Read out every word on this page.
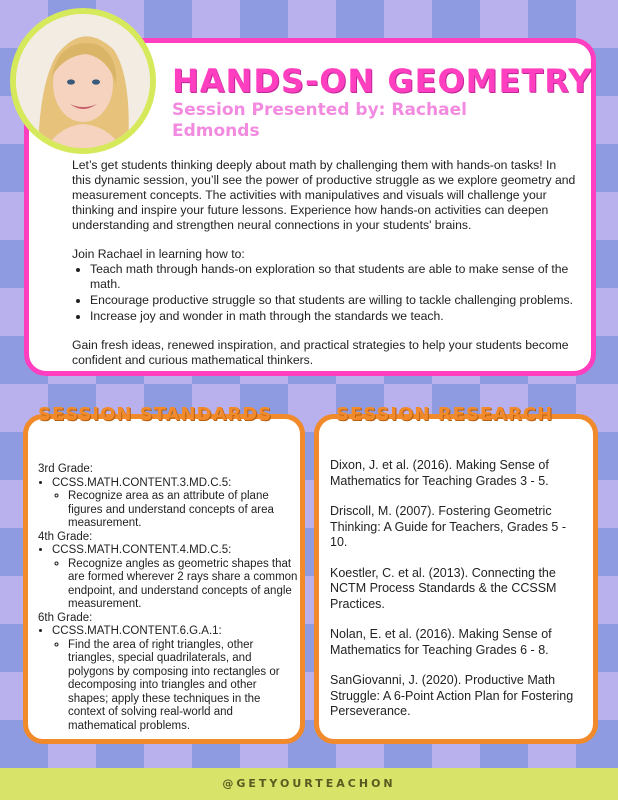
HANDS-ON GEOMETRY
Session Presented by: Rachael Edmonds

Let’s get students thinking deeply about math by challenging them with hands-on tasks! In this dynamic session, you’ll see the power of productive struggle as we explore geometry and measurement concepts. The activities with manipulatives and visuals will challenge your thinking and inspire your future lessons. Experience how hands-on activities can deepen understanding and strengthen neural connections in your students' brains.

Join Rachael in learning how to:
• Teach math through hands-on exploration so that students are able to make sense of the math.
• Encourage productive struggle so that students are willing to tackle challenging problems.
• Increase joy and wonder in math through the standards we teach.

Gain fresh ideas, renewed inspiration, and practical strategies to help your students become confident and curious mathematical thinkers.

SESSION STANDARDS	SESSION RESEARCH
3rd Grade:
• CCSS.MATH.CONTENT.3.MD.C.5:
◦ Recognize area as an attribute of plane figures and understand concepts of area measurement.
4th Grade:
• CCSS.MATH.CONTENT.4.MD.C.5:
◦ Recognize angles as geometric shapes that are formed wherever 2 rays share a common endpoint, and understand concepts of angle measurement.
6th Grade:
• CCSS.MATH.CONTENT.6.G.A.1:
◦ Find the area of right triangles, other triangles, special quadrilaterals, and polygons by composing into rectangles or decomposing into triangles and other shapes; apply these techniques in the context of solving real-world and mathematical problems.

Dixon, J. et al. (2016). Making Sense of Mathematics for Teaching Grades 3 - 5.

Driscoll, M. (2007). Fostering Geometric Thinking: A Guide for Teachers, Grades 5 - 10.

Koestler, C. et al. (2013). Connecting the NCTM Process Standards & the CCSSM Practices.

Nolan, E. et al. (2016). Making Sense of Mathematics for Teaching Grades 6 - 8.

SanGiovanni, J. (2020). Productive Math Struggle: A 6-Point Action Plan for Fostering Perseverance.

@GETYOURTEACHON
